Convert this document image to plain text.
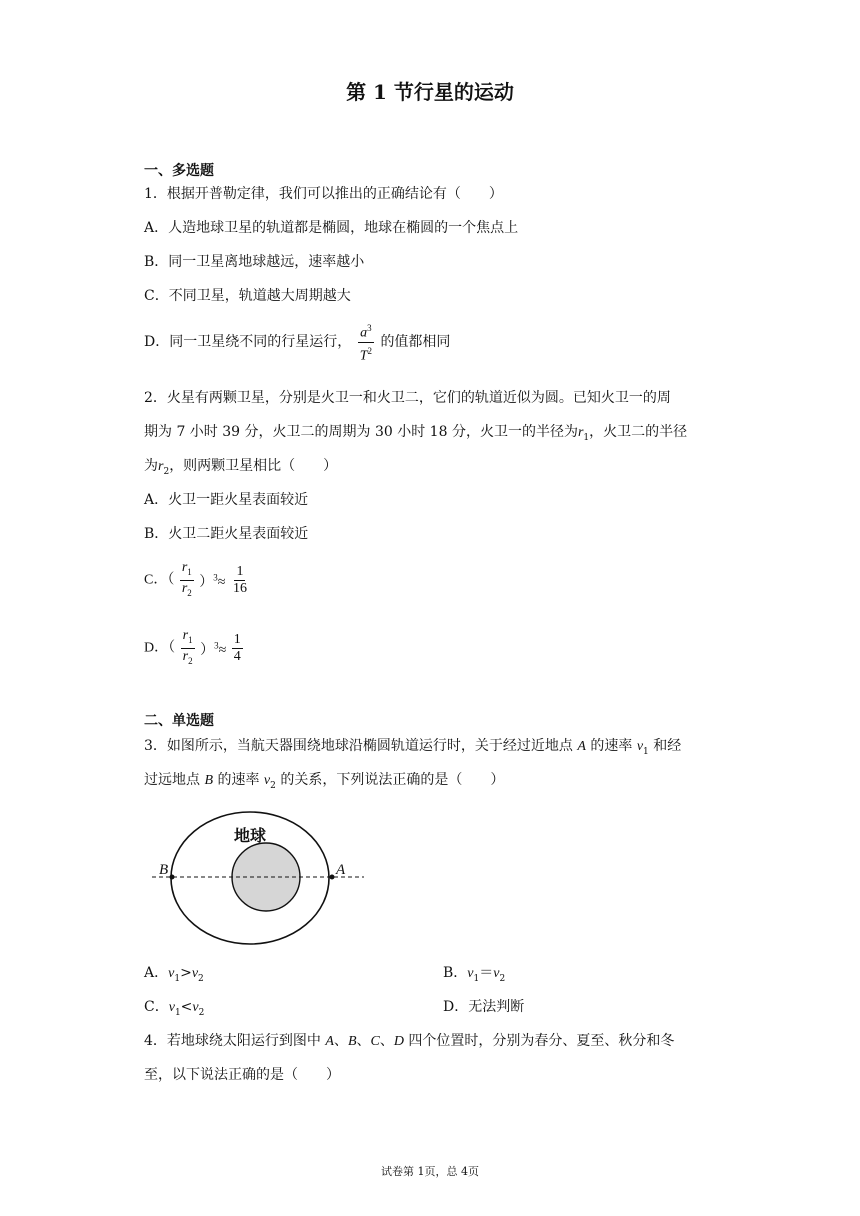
第 1 节行星的运动
一、多选题
1．根据开普勒定律，我们可以推出的正确结论有（　　）
A．人造地球卫星的轨道都是椭圆，地球在椭圆的一个焦点上
B．同一卫星离地球越远，速率越小
C．不同卫星，轨道越大周期越大
D．同一卫星绕不同的行星运行， $\frac{a^3}{T^2}$ 的值都相同
2．火星有两颗卫星，分别是火卫一和火卫二，它们的轨道近似为圆。已知火卫一的周
期为 7 小时 39 分，火卫二的周期为 30 小时 18 分，火卫一的半径为$r_1$，火卫二的半径
为$r_2$，则两颗卫星相比（　　）
A．火卫一距火星表面较近
B．火卫二距火星表面较近
C．（ $\frac{r_1}{r_2} )^3\approx \frac{1}{16}$
D．（ $\frac{r_1}{r_2} )^3\approx \frac{1}{4}$
二、单选题
3．如图所示，当航天器围绕地球沿椭圆轨道运行时，关于经过近地点 A 的速率 $v_1$ 和经
过远地点 B 的速率 $v_2$ 的关系，下列说法正确的是（　　）
地球
B	A
A．$v_1>v_2$	B．$v_1=v_2$
C．$v_1<v_2$	D．无法判断
4．若地球绕太阳运行到图中 A、B、C、D 四个位置时，分别为春分、夏至、秋分和冬
至，以下说法正确的是（　　）
试卷第 1页，总 4页
